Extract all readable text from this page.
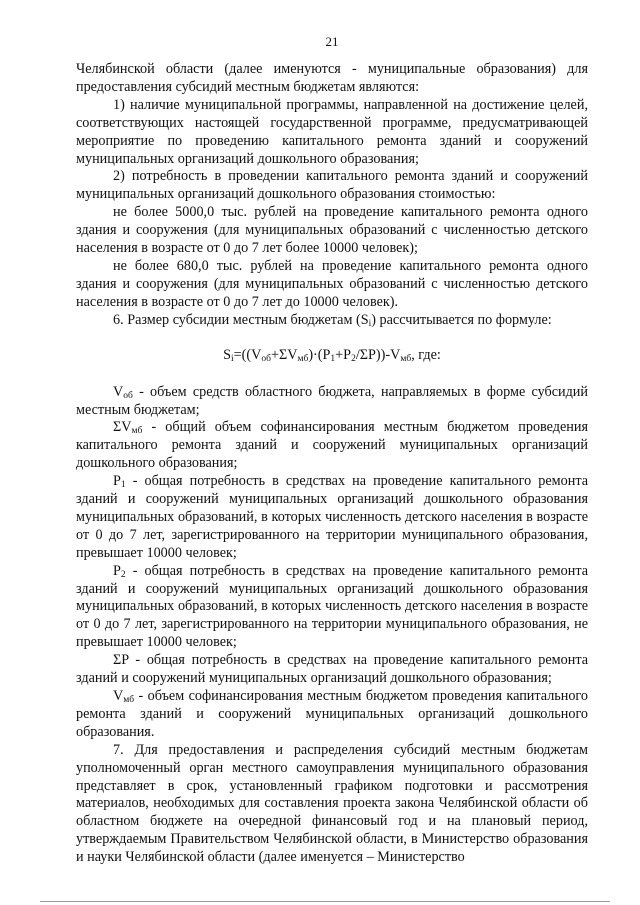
21

Челябинской области (далее именуются - муниципальные образования) для предоставления субсидий местным бюджетам являются:

1) наличие муниципальной программы, направленной на достижение целей, соответствующих настоящей государственной программе, предусматривающей мероприятие по проведению капитального ремонта зданий и сооружений муниципальных организаций дошкольного образования;

2) потребность в проведении капитального ремонта зданий и сооружений муниципальных организаций дошкольного образования стоимостью:

не более 5000,0 тыс. рублей на проведение капитального ремонта одного здания и сооружения (для муниципальных образований с численностью детского населения в возрасте от 0 до 7 лет более 10000 человек);

не более 680,0 тыс. рублей на проведение капитального ремонта одного здания и сооружения (для муниципальных образований с численностью детского населения в возрасте от 0 до 7 лет до 10000 человек).

6. Размер субсидии местным бюджетам $(S_i)$ рассчитывается по формуле:

$S_i=((V_{об}+\Sigma V_{мб})\cdot(P_1+P_2/\Sigma P))-V_{мб}$, где:

$V_{об}$ - объем средств областного бюджета, направляемых в форме субсидий местным бюджетам;

$\Sigma V_{мб}$ - общий объем софинансирования местным бюджетом проведения капитального ремонта зданий и сооружений муниципальных организаций дошкольного образования;

$P_1$ - общая потребность в средствах на проведение капитального ремонта зданий и сооружений муниципальных организаций дошкольного образования муниципальных образований, в которых численность детского населения в возрасте от 0 до 7 лет, зарегистрированного на территории муниципального образования, превышает 10000 человек;

$P_2$ - общая потребность в средствах на проведение капитального ремонта зданий и сооружений муниципальных организаций дошкольного образования муниципальных образований, в которых численность детского населения в возрасте от 0 до 7 лет, зарегистрированного на территории муниципального образования, не превышает 10000 человек;

ΣP - общая потребность в средствах на проведение капитального ремонта зданий и сооружений муниципальных организаций дошкольного образования;

$V_{мб}$ - объем софинансирования местным бюджетом проведения капитального ремонта зданий и сооружений муниципальных организаций дошкольного образования.

7. Для предоставления и распределения субсидий местным бюджетам уполномоченный орган местного самоуправления муниципального образования представляет в срок, установленный графиком подготовки и рассмотрения материалов, необходимых для составления проекта закона Челябинской области об областном бюджете на очередной финансовый год и на плановый период, утверждаемым Правительством Челябинской области, в Министерство образования и науки Челябинской области (далее именуется – Министерство
